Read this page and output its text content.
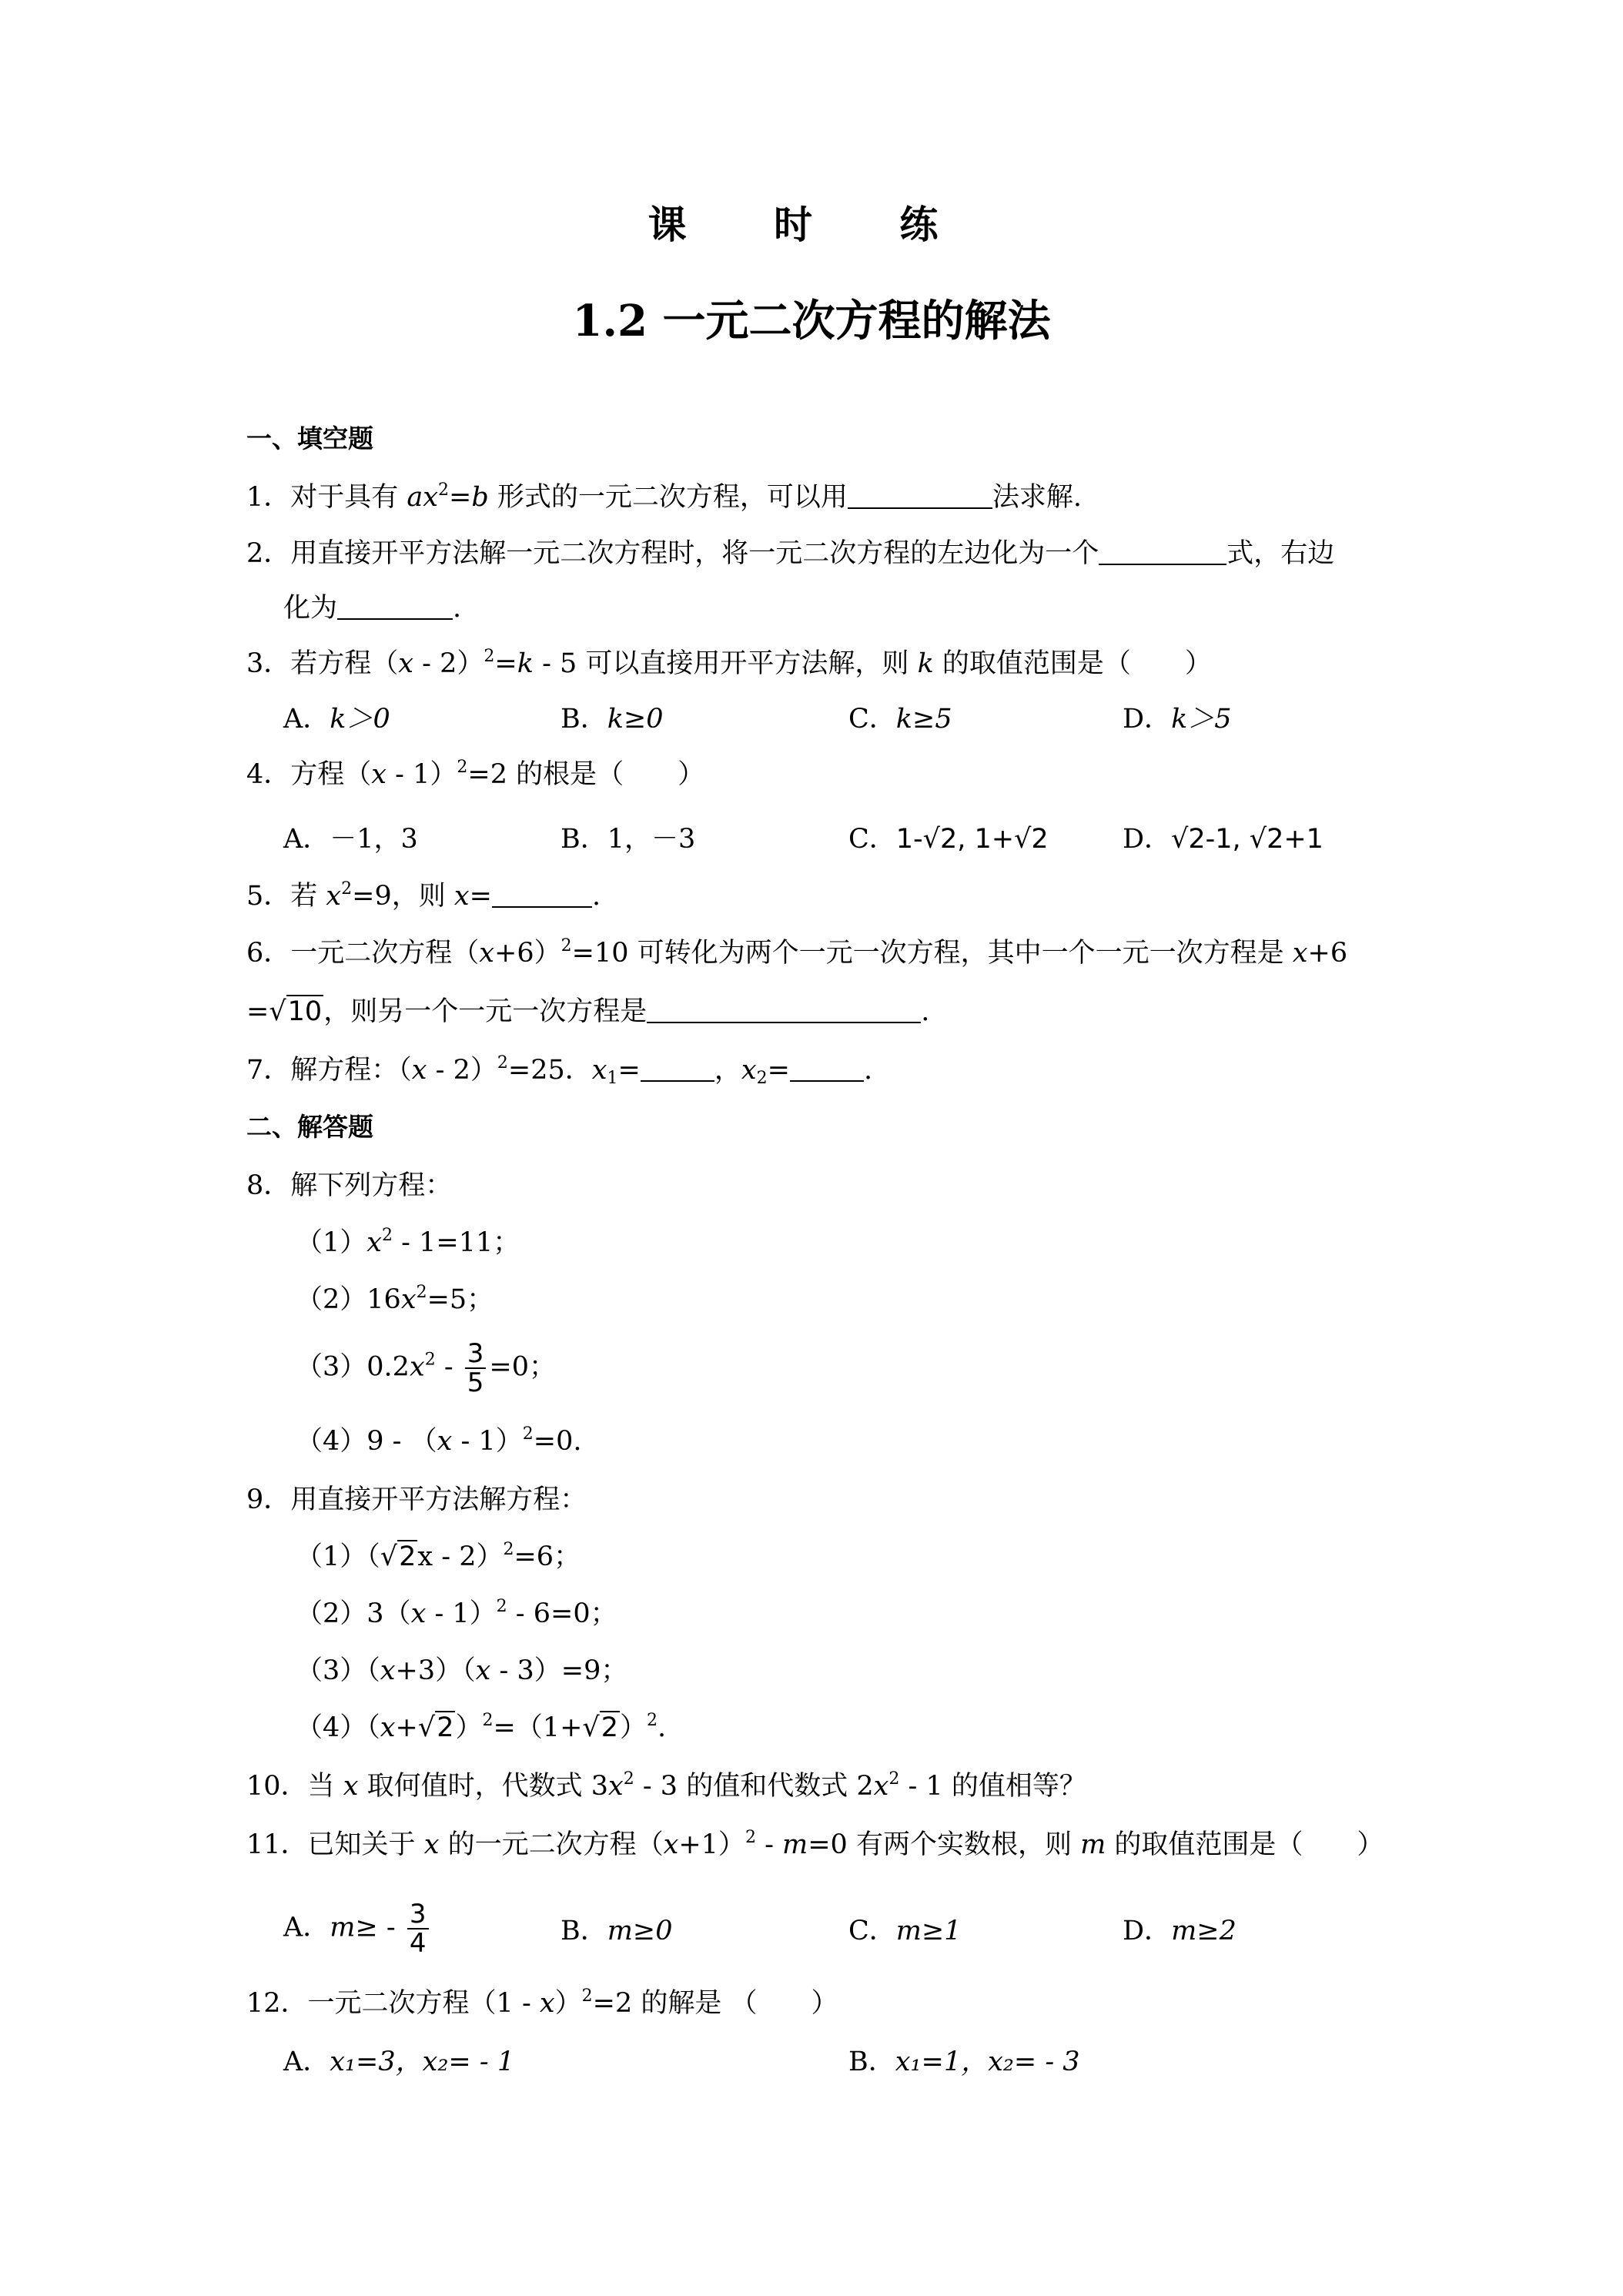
课 时 练
1.2 一元二次方程的解法
一、填空题
1．对于具有 $ax^2=b$ 形式的一元二次方程，可以用	法求解.
2．用直接开平方法解一元二次方程时，将一元二次方程的左边化为一个	式，右边
化为	.
3．若方程（x - 2）$^2$=k - 5 可以直接用开平方法解，则 k 的取值范围是（　　）
A．k＞0	B．k≥0	C．k≥5	D．k＞5
4．方程（x - 1）$^2$=2 的根是（　　）
A．－1，3	B．1，－3	C．1-√2, 1+√2	D．√2-1, √2+1
5．若 $x^2=9$，则 x=	.
6．一元二次方程$(x+6)^2=10$ 可转化为两个一元一次方程，其中一个一元一次方程是 x+6
=√10，则另一个一元一次方程是	.
7．解方程：（x - 2）$^2$=25．$x_1=$	，$x_2=$	.
二、解答题
8．解下列方程：
$(1)x^2 - 1=11$；
$(2)16x^2=5$；
$(3)0.2x^2 - \frac{3}{5} =0$；
（4）9 - （x - 1）$^2$=0.
9．用直接开平方法解方程：
（1）（√2x - 2）$^2$=6；
（2）3（x - 1）$^2$ - 6=0；
（3）（x+3）（x - 3）=9；
$(4)(x+√2)^2=(1+√2)^2$.
10．当 x 取何值时，代数式 $3x^2 - 3$ 的值和代数式 $2x^2 - 1$ 的值相等？
11．已知关于 x 的一元二次方程$(x+1)^2 - m=0$ 有两个实数根，则 m 的取值范围是（　　）
A．$m\ge - \frac{3}{4}$	B．m≥0	C．m≥1	D．m≥2
12．一元二次方程（1 - x）$^2$=2 的解是 （　　）
A．x₁=3，x₂= - 1	B．x₁=1，x₂= - 3
